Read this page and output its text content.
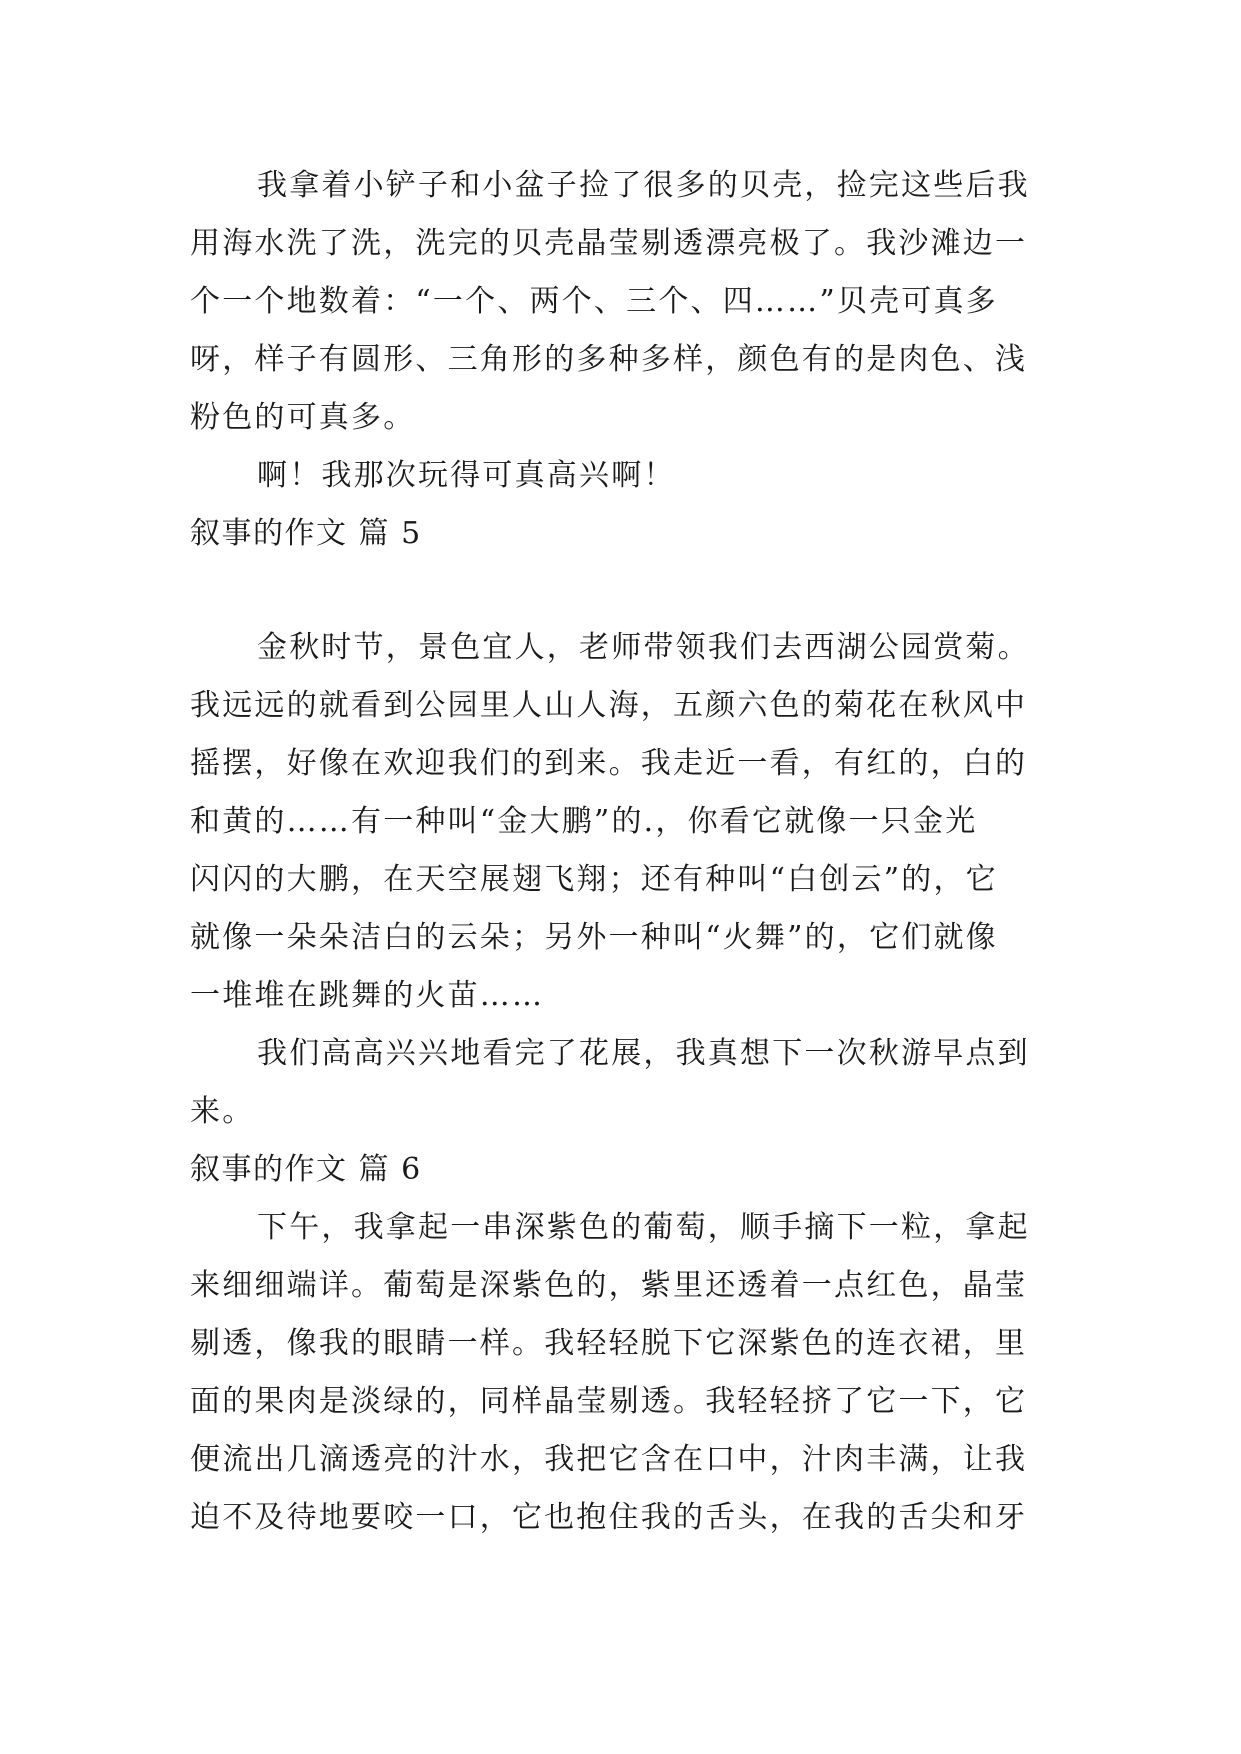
我拿着小铲子和小盆子捡了很多的贝壳，捡完这些后我
用海水洗了洗，洗完的贝壳晶莹剔透漂亮极了。我沙滩边一
个一个地数着：“一个、两个、三个、四……”贝壳可真多
呀，样子有圆形、三角形的多种多样，颜色有的是肉色、浅
粉色的可真多。
啊！我那次玩得可真高兴啊！
叙事的作文 篇 5
金秋时节，景色宜人，老师带领我们去西湖公园赏菊。
我远远的就看到公园里人山人海，五颜六色的菊花在秋风中
摇摆，好像在欢迎我们的到来。我走近一看，有红的，白的
和黄的……有一种叫“金大鹏”的.，你看它就像一只金光
闪闪的大鹏，在天空展翅飞翔；还有种叫“白创云”的，它
就像一朵朵洁白的云朵；另外一种叫“火舞”的，它们就像
一堆堆在跳舞的火苗……
我们高高兴兴地看完了花展，我真想下一次秋游早点到
来。
叙事的作文 篇 6
下午，我拿起一串深紫色的葡萄，顺手摘下一粒，拿起
来细细端详。葡萄是深紫色的，紫里还透着一点红色，晶莹
剔透，像我的眼睛一样。我轻轻脱下它深紫色的连衣裙，里
面的果肉是淡绿的，同样晶莹剔透。我轻轻挤了它一下，它
便流出几滴透亮的汁水，我把它含在口中，汁肉丰满，让我
迫不及待地要咬一口，它也抱住我的舌头，在我的舌尖和牙
